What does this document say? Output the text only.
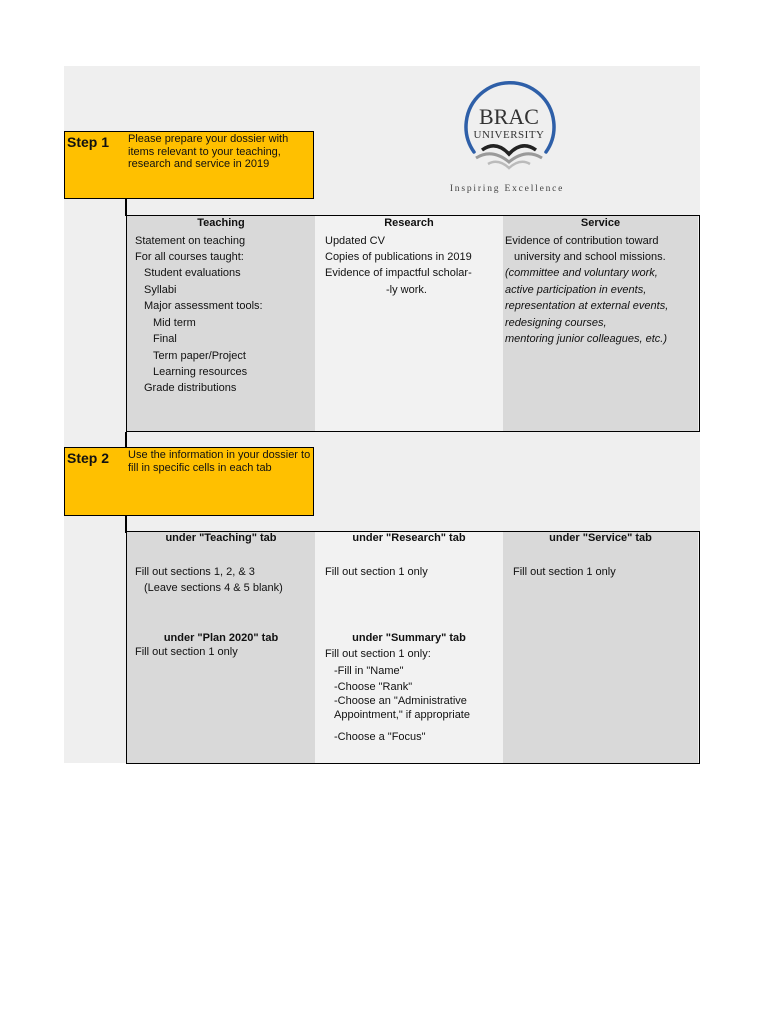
BRAC
UNIVERSITY
Inspiring Excellence
Step 1 Please prepare your dossier with items relevant to your teaching, research and service in 2019
Teaching
Statement on teaching
For all courses taught:
Student evaluations
Syllabi
Major assessment tools:
Mid term
Final
Term paper/Project
Learning resources
Grade distributions
Research
Updated CV
Copies of publications in 2019
Evidence of impactful scholar-
-ly work.
Service
Evidence of contribution toward
university and school missions.
(committee and voluntary work,
active participation in events,
representation at external events,
redesigning courses,
mentoring junior colleagues, etc.)
Step 2 Use the information in your dossier to fill in specific cells in each tab
under "Teaching" tab
Fill out sections 1, 2, & 3
(Leave sections 4 & 5 blank)
under "Plan 2020" tab
Fill out section 1 only
under "Research" tab
Fill out section 1 only
under "Summary" tab
Fill out section 1 only:
-Fill in "Name"
-Choose "Rank"
-Choose an "Administrative
Appointment," if appropriate
-Choose a "Focus"
under "Service" tab
Fill out section 1 only
